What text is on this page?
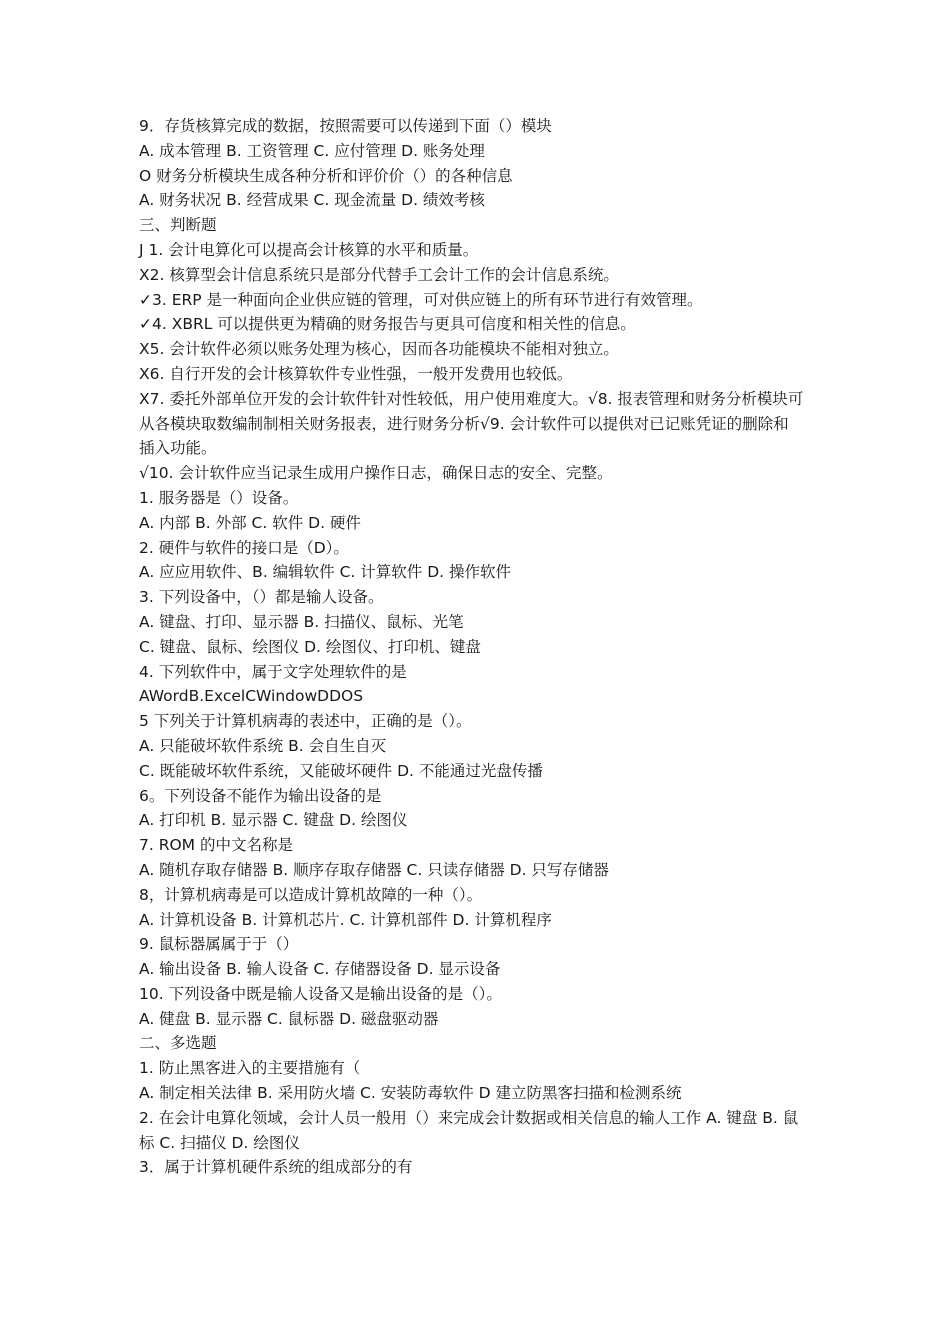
9．存货核算完成的数据，按照需要可以传递到下面（）模块
A. 成本管理 B. 工资管理 C. 应付管理 D. 账务处理
O 财务分析模块生成各种分析和评价价（）的各种信息
A. 财务状况 B. 经营成果 C. 现金流量 D. 绩效考核
三、判断题
J 1. 会计电算化可以提高会计核算的水平和质量。
X2. 核算型会计信息系统只是部分代替手工会计工作的会计信息系统。
✓3. ERP 是一种面向企业供应链的管理，可对供应链上的所有环节进行有效管理。
✓4. XBRL 可以提供更为精确的财务报告与更具可信度和相关性的信息。
X5. 会计软件必须以账务处理为核心，因而各功能模块不能相对独立。
X6. 自行开发的会计核算软件专业性强，一般开发费用也较低。
X7. 委托外部单位开发的会计软件针对性较低，用户使用难度大。√8. 报表管理和财务分析模块可从各模块取数编制制相关财务报表，进行财务分析√9. 会计软件可以提供对已记账凭证的删除和插入功能。
√10. 会计软件应当记录生成用户操作日志，确保日志的安全、完整。
1. 服务器是（）设备。
A. 内部 B. 外部 C. 软件 D. 硬件
2. 硬件与软件的接口是（D）。
A. 应应用软件、B. 编辑软件 C. 计算软件 D. 操作软件
3. 下列设备中，（）都是输人设备。
A. 键盘、打印、显示器 B. 扫描仪、鼠标、光笔
C. 键盘、鼠标、绘图仪 D. 绘图仪、打印机、键盘
4. 下列软件中，属于文字处理软件的是
AWordB.ExcelCWindowDDOS
5 下列关于计算机病毒的表述中，正确的是（）。
A. 只能破坏软件系统 B. 会自生自灭
C. 既能破坏软件系统，又能破坏硬件 D. 不能通过光盘传播
6。下列设备不能作为输出设备的是
A. 打印机 B. 显示器 C. 键盘 D. 绘图仪
7. ROM 的中文名称是
A. 随机存取存储器 B. 顺序存取存储器 C. 只读存储器 D. 只写存储器
8，计算机病毒是可以造成计算机故障的一种（）。
A. 计算机设备 B. 计算机芯片. C. 计算机部件 D. 计算机程序
9. 鼠标器属属于于（）
A. 输出设备 B. 输人设备 C. 存储器设备 D. 显示设备
10. 下列设备中既是输人设备又是输出设备的是（）。
A. 健盘 B. 显示器 C. 鼠标器 D. 磁盘驱动器
二、多选题
1. 防止黑客进入的主要措施有（
A. 制定相关法律 B. 采用防火墙 C. 安装防毒软件 D 建立防黑客扫描和检测系统
2. 在会计电算化领域，会计人员一般用（）来完成会计数据或相关信息的输人工作 A. 键盘 B. 鼠标 C. 扫描仪 D. 绘图仪
3．属于计算机硬件系统的组成部分的有
